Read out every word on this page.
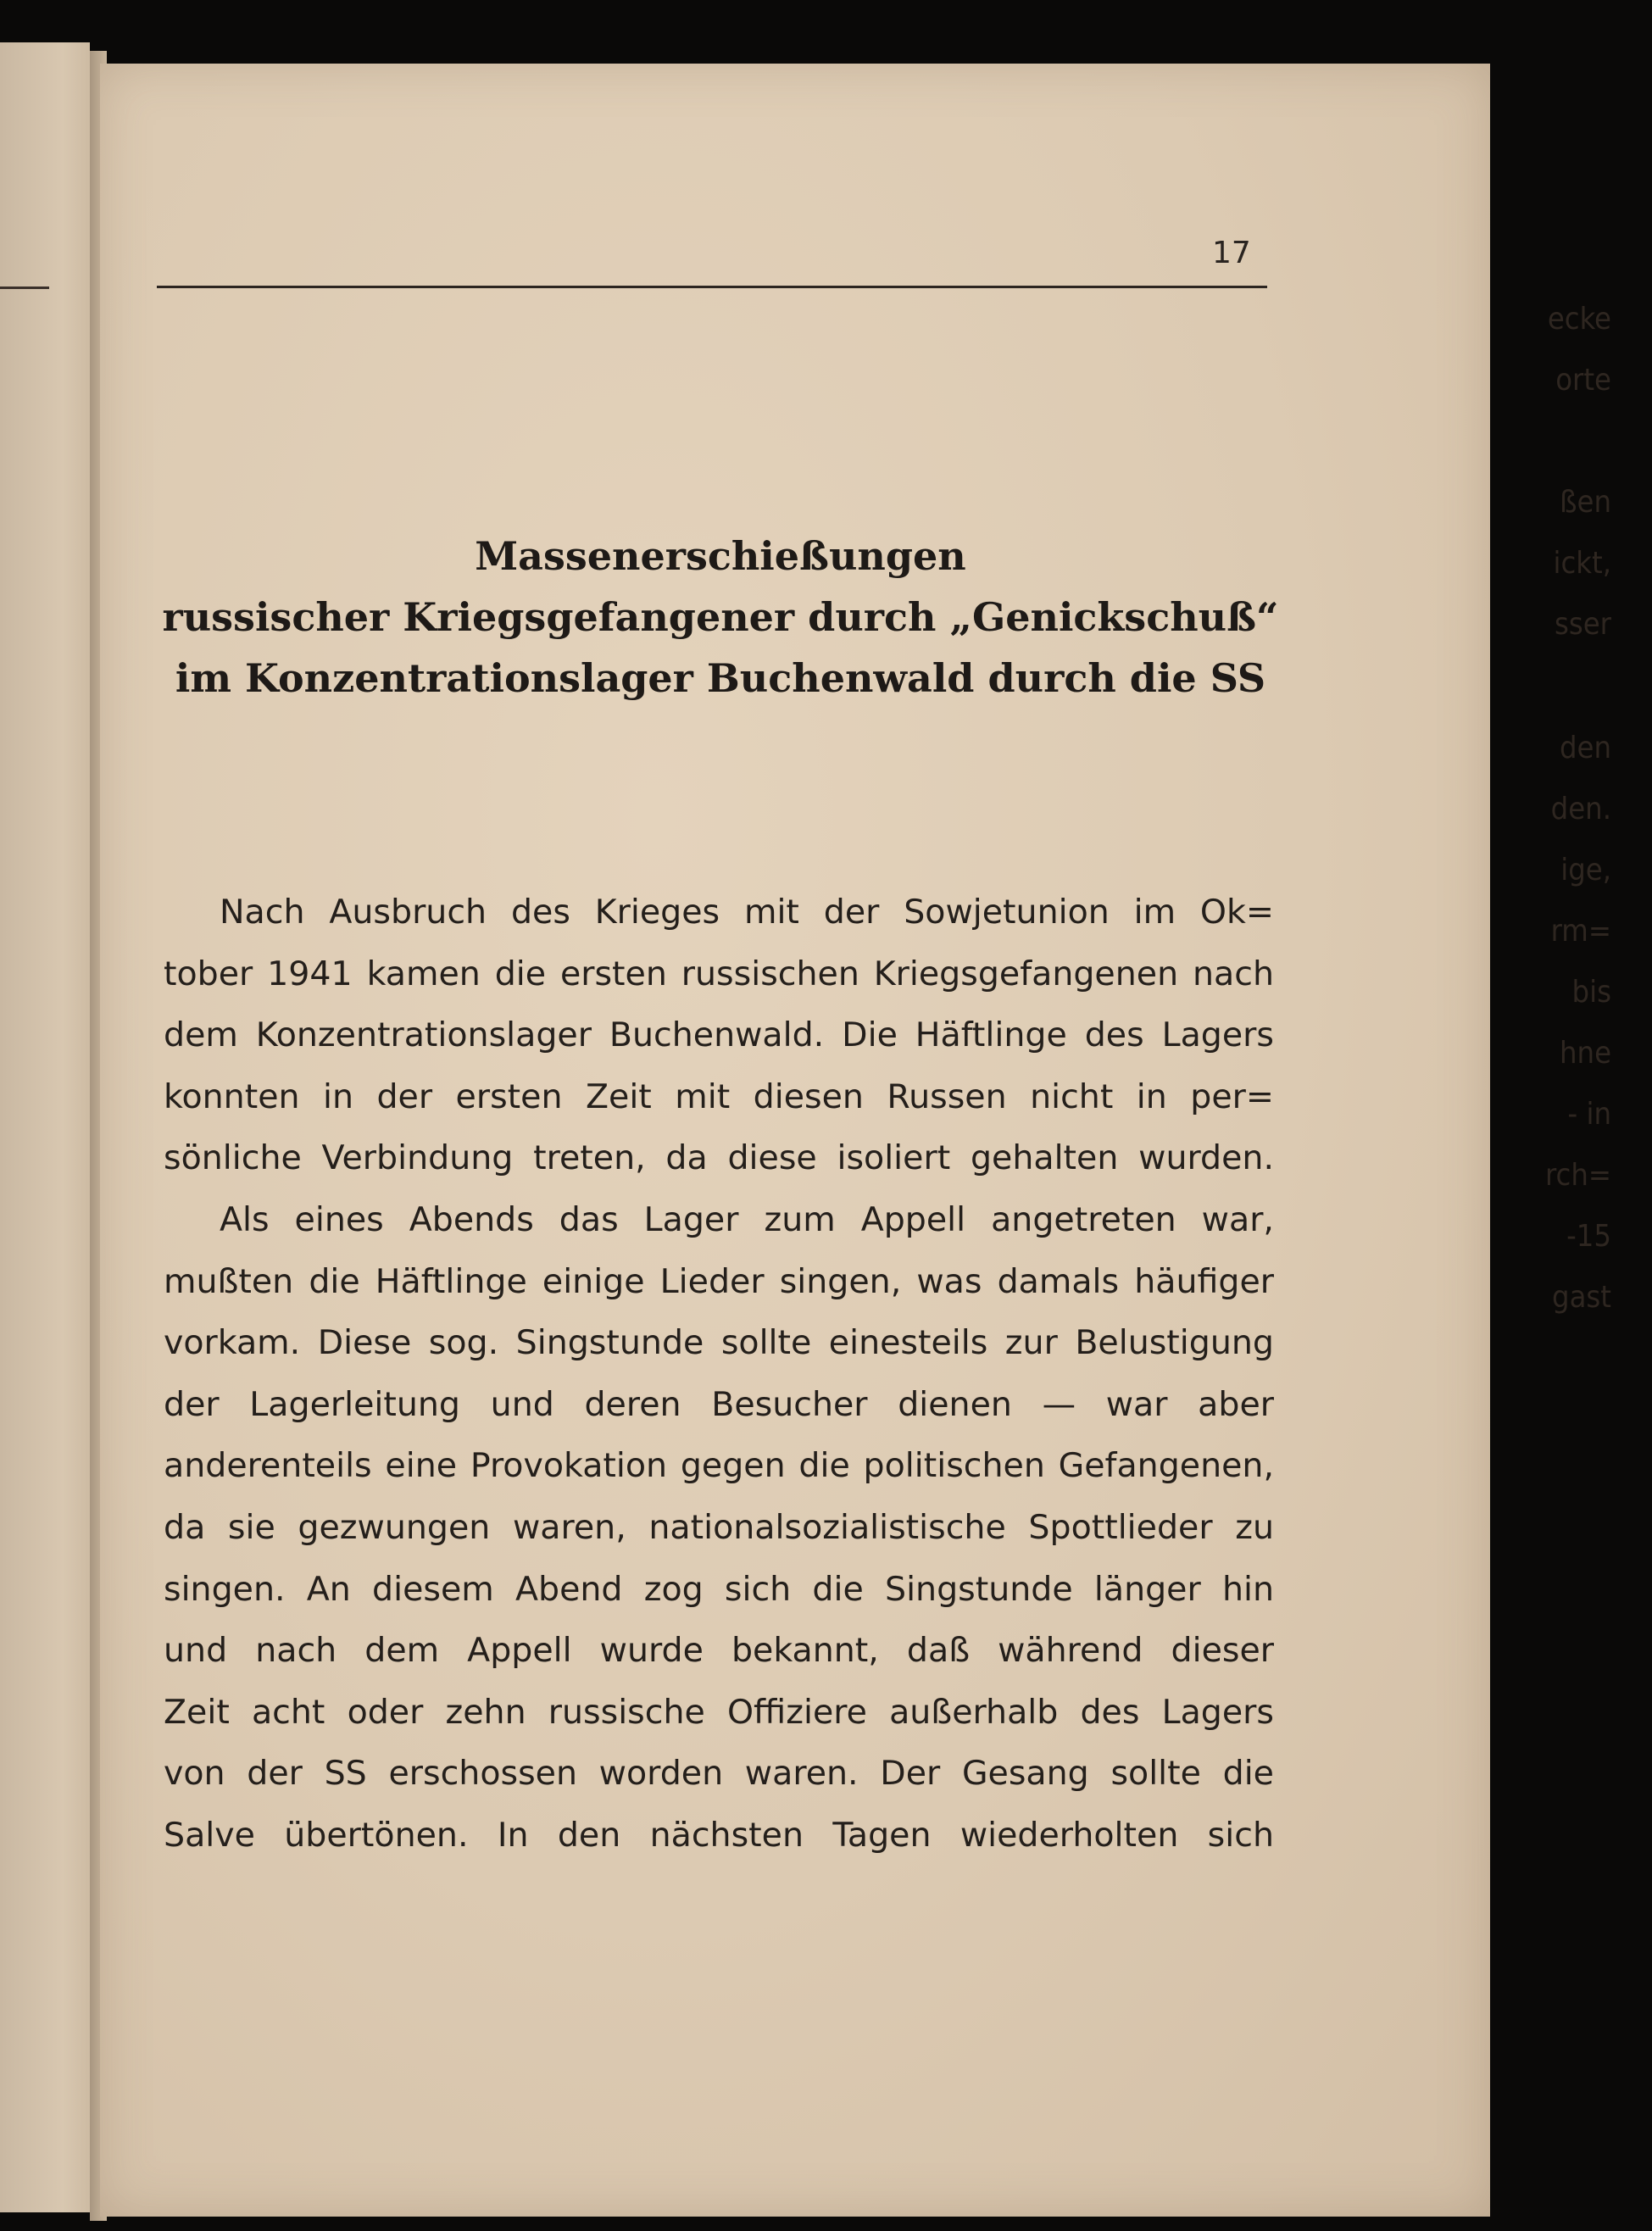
ecke
orte
ßen
ickt,
sser
den
den.
ige,
rm=
bis
hne
- in
rch=
-15
gast
17
Massenerschießungen
russischer Kriegsgefangener durch „Genickschuß“
im Konzentrationslager Buchenwald durch die SS
Nach Ausbruch des Krieges mit der Sowjetunion im Ok=
tober 1941 kamen die ersten russischen Kriegsgefangenen nach
dem Konzentrationslager Buchenwald. Die Häftlinge des Lagers
konnten in der ersten Zeit mit diesen Russen nicht in per=
sönliche Verbindung treten, da diese isoliert gehalten wurden.
Als eines Abends das Lager zum Appell angetreten war,
mußten die Häftlinge einige Lieder singen, was damals häufiger
vorkam. Diese sog. Singstunde sollte einesteils zur Belustigung
der Lagerleitung und deren Besucher dienen — war aber
anderenteils eine Provokation gegen die politischen Gefangenen,
da sie gezwungen waren, nationalsozialistische Spottlieder zu
singen. An diesem Abend zog sich die Singstunde länger hin
und nach dem Appell wurde bekannt, daß während dieser
Zeit acht oder zehn russische Offiziere außerhalb des Lagers
von der SS erschossen worden waren. Der Gesang sollte die
Salve übertönen. In den nächsten Tagen wiederholten sich
